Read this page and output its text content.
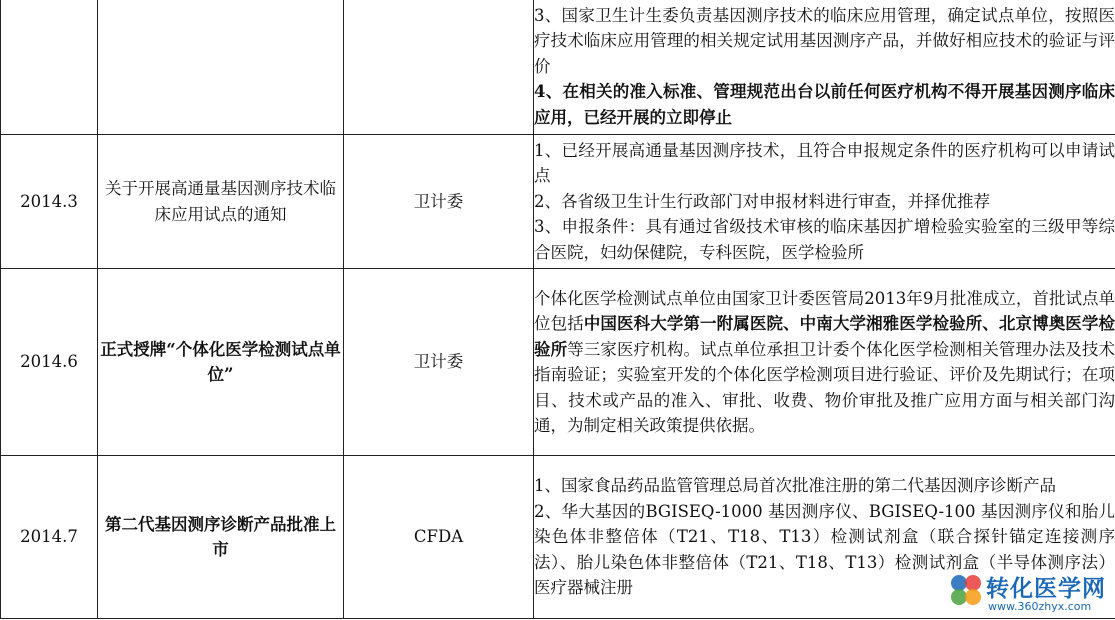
			3、国家卫生计生委负责基因测序技术的临床应用管理，确定试点单位，按照医疗技术临床应用管理的相关规定试用基因测序产品，并做好相应技术的验证与评价
4、在相关的准入标准、管理规范出台以前任何医疗机构不得开展基因测序临床应用，已经开展的立即停止

2014.3	关于开展高通量基因测序技术临床应用试点的通知	卫计委	1、已经开展高通量基因测序技术，且符合申报规定条件的医疗机构可以申请试点
2、各省级卫生计生行政部门对申报材料进行审查，并择优推荐
3、申报条件：具有通过省级技术审核的临床基因扩增检验实验室的三级甲等综合医院，妇幼保健院，专科医院，医学检验所

2014.6	正式授牌“个体化医学检测试点单位”	卫计委	个体化医学检测试点单位由国家卫计委医管局2013年9月批准成立，首批试点单位包括中国医科大学第一附属医院、中南大学湘雅医学检验所、北京博奥医学检验所等三家医疗机构。试点单位承担卫计委个体化医学检测相关管理办法及技术指南验证；实验室开发的个体化医学检测项目进行验证、评价及先期试行；在项目、技术或产品的准入、审批、收费、物价审批及推广应用方面与相关部门沟通，为制定相关政策提供依据。
2014.7	第二代基因测序诊断产品批准上市	CFDA	1、国家食品药品监管管理总局首次批准注册的第二代基因测序诊断产品
2、华大基因的BGISEQ-1000 基因测序仪、BGISEQ-100 基因测序仪和胎儿染色体非整倍体（T21、T18、T13）检测试剂盒（联合探针锚定连接测序法）、胎儿染色体非整倍体（T21、T18、T13）检测试剂盒（半导体测序法）医疗器械注册	转化医学网
www.360zhyx.com
